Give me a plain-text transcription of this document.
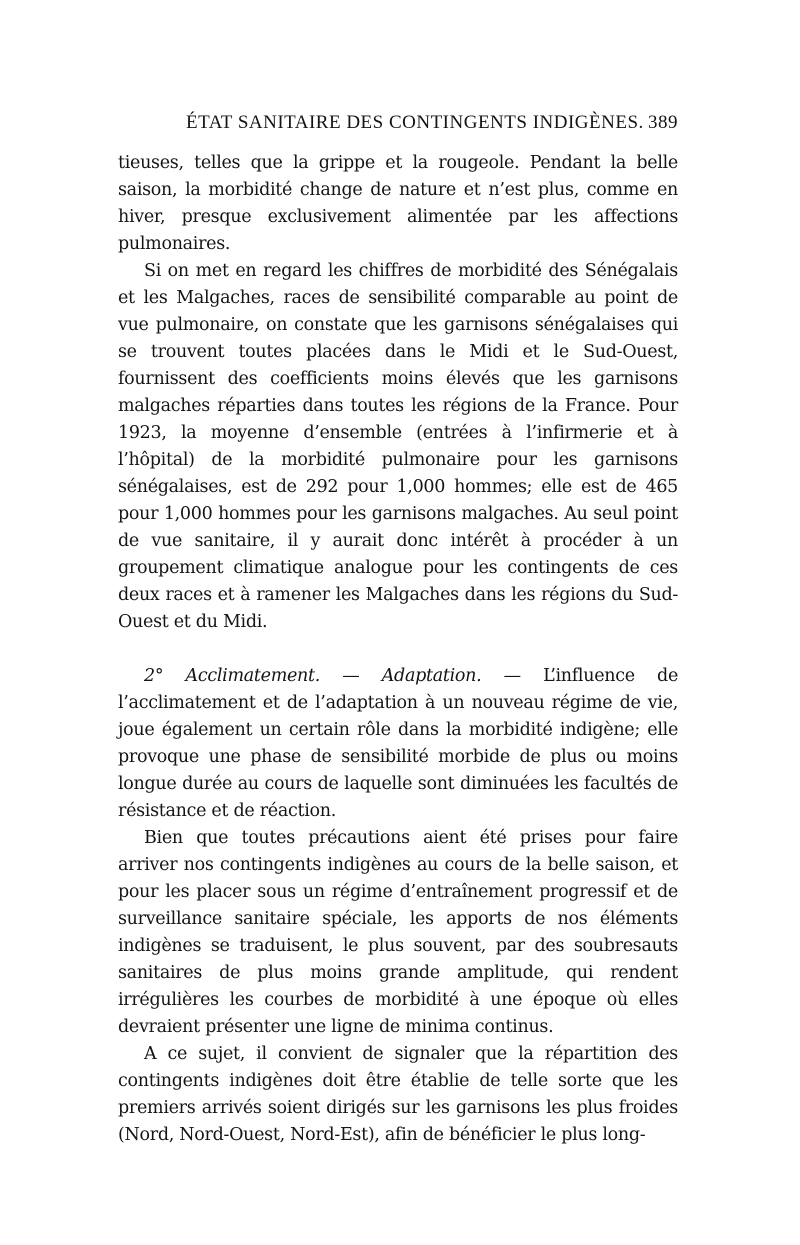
ÉTAT SANITAIRE DES CONTINGENTS INDIGÈNES. 389

tieuses, telles que la grippe et la rougeole. Pendant la belle saison, la morbidité change de nature et n’est plus, comme en hiver, presque exclusivement alimentée par les affections pulmonaires.

Si on met en regard les chiffres de morbidité des Sénégalais et les Malgaches, races de sensibilité comparable au point de vue pulmonaire, on constate que les garnisons sénégalaises qui se trouvent toutes placées dans le Midi et le Sud-Ouest, fournissent des coefficients moins élevés que les garnisons malgaches réparties dans toutes les régions de la France. Pour 1923, la moyenne d’ensemble (entrées à l’infirmerie et à l’hôpital) de la morbidité pulmonaire pour les garnisons sénégalaises, est de 292 pour 1,000 hommes; elle est de 465 pour 1,000 hommes pour les garnisons malgaches. Au seul point de vue sanitaire, il y aurait donc intérêt à procéder à un groupement climatique analogue pour les contingents de ces deux races et à ramener les Malgaches dans les régions du Sud-Ouest et du Midi.

2° Acclimatement. — Adaptation. — L’influence de l’acclimatement et de l’adaptation à un nouveau régime de vie, joue également un certain rôle dans la morbidité indigène; elle provoque une phase de sensibilité morbide de plus ou moins longue durée au cours de laquelle sont diminuées les facultés de résistance et de réaction.

Bien que toutes précautions aient été prises pour faire arriver nos contingents indigènes au cours de la belle saison, et pour les placer sous un régime d’entraînement progressif et de surveillance sanitaire spéciale, les apports de nos éléments indigènes se traduisent, le plus souvent, par des soubresauts sanitaires de plus moins grande amplitude, qui rendent irrégulières les courbes de morbidité à une époque où elles devraient présenter une ligne de minima continus.

A ce sujet, il convient de signaler que la répartition des contingents indigènes doit être établie de telle sorte que les premiers arrivés soient dirigés sur les garnisons les plus froides (Nord, Nord-Ouest, Nord-Est), afin de bénéficier le plus long-
